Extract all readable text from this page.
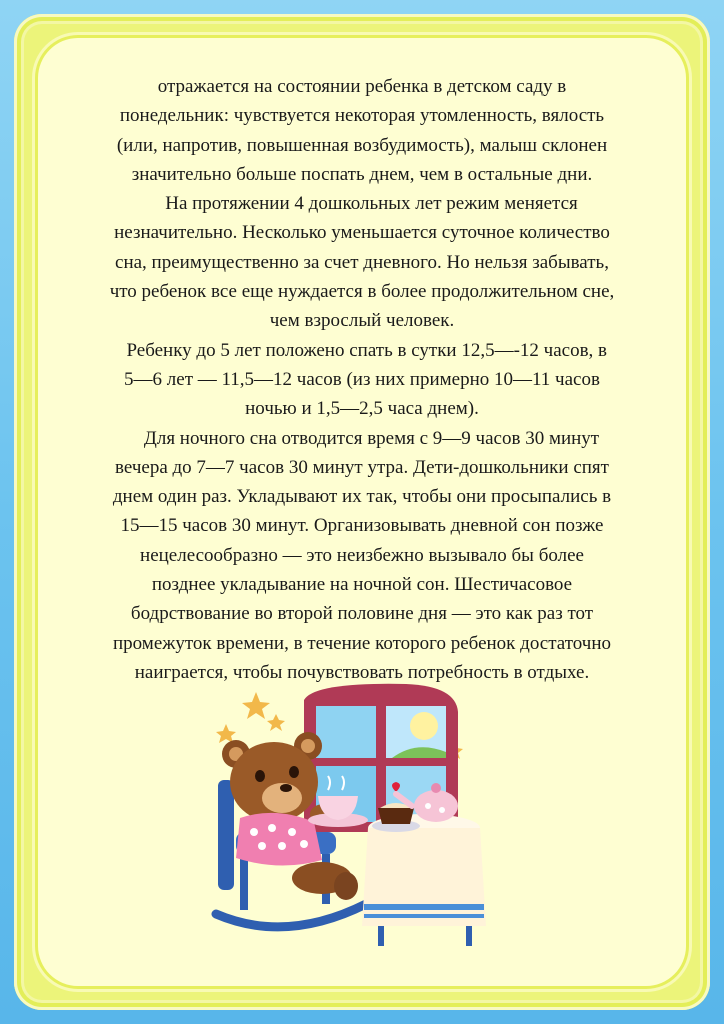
отражается на состоянии ребенка в детском саду в

понедельник: чувствуется некоторая утомленность, вялость

(или, напротив, повышенная возбудимость), малыш склонен

значительно больше поспать днем, чем в остальные дни.

На протяжении 4 дошкольных лет режим меняется

незначительно. Несколько уменьшается суточное количество

сна, преимущественно за счет дневного. Но нельзя забывать,

что ребенок все еще нуждается в более продолжительном сне,

чем взрослый человек.

Ребенку до 5 лет положено спать в сутки 12,5—-12 часов, в

5—6 лет — 11,5—12 часов (из них примерно 10—11 часов

ночью и 1,5—2,5 часа днем).

Для ночного сна отводится время с 9—9 часов 30 минут

вечера до 7—7 часов 30 минут утра. Дети-дошкольники спят

днем один раз. Укладывают их так, чтобы они просыпались в

15—15 часов 30 минут. Организовывать дневной сон позже

нецелесообразно — это неизбежно вызывало бы более

позднее укладывание на ночной сон. Шестичасовое

бодрствование во второй половине дня — это как раз тот

промежуток времени, в течение которого ребенок достаточно

наиграется, чтобы почувствовать потребность в отдыхе.
